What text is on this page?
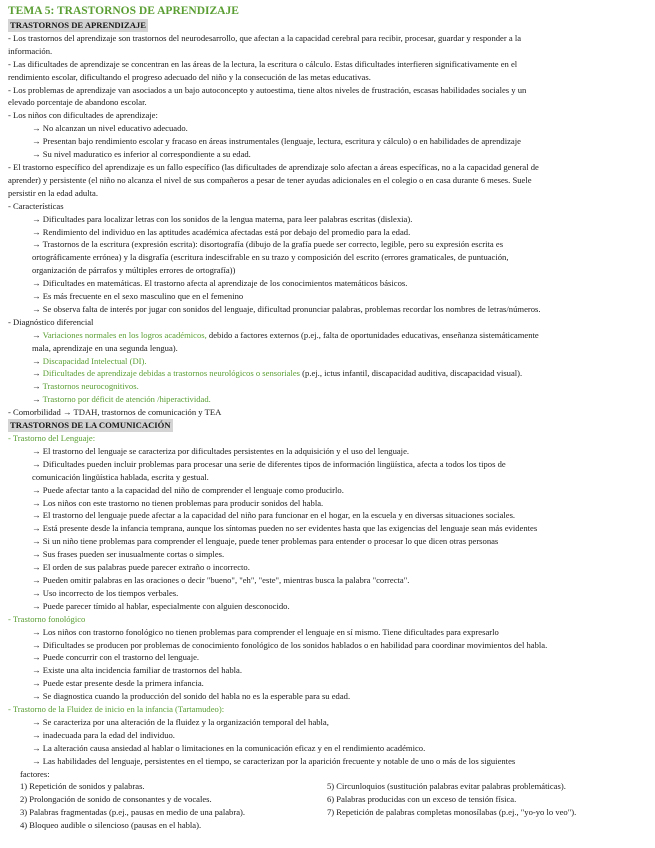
TEMA 5: TRASTORNOS DE APRENDIZAJE
TRASTORNOS DE APRENDIZAJE
- Los trastornos del aprendizaje son trastornos del neurodesarrollo, que afectan a la capacidad cerebral para recibir, procesar, guardar y responder a la
información.
- Las dificultades de aprendizaje se concentran en las áreas de la lectura, la escritura o cálculo. Estas dificultades interfieren significativamente en el
rendimiento escolar, dificultando el progreso adecuado del niño y la consecución de las metas educativas.
- Los problemas de aprendizaje van asociados a un bajo autoconcepto y autoestima, tiene altos niveles de frustración, escasas habilidades sociales y un
elevado porcentaje de abandono escolar.
- Los niños con dificultades de aprendizaje:
→ No alcanzan un nivel educativo adecuado.
→ Presentan bajo rendimiento escolar y fracaso en áreas instrumentales (lenguaje, lectura, escritura y cálculo) o en habilidades de aprendizaje
→ Su nivel maduratico es inferior al correspondiente a su edad.
- El trastorno específico del aprendizaje es un fallo específico (las dificultades de aprendizaje solo afectan a áreas específicas, no a la capacidad general de
aprender) y persistente (el niño no alcanza el nivel de sus compañeros a pesar de tener ayudas adicionales en el colegio o en casa durante 6 meses. Suele
persistir en la edad adulta.
- Características
→ Dificultades para localizar letras con los sonidos de la lengua materna, para leer palabras escritas (dislexia).
→ Rendimiento del individuo en las aptitudes académica afectadas está por debajo del promedio para la edad.
→ Trastornos de la escritura (expresión escrita): disortografía (dibujo de la grafía puede ser correcto, legible, pero su expresión escrita es
ortográficamente errónea) y la disgrafía (escritura indescifrable en su trazo y composición del escrito (errores gramaticales, de puntuación,
organización de párrafos y múltiples errores de ortografía))
→ Dificultades en matemáticas. El trastorno afecta al aprendizaje de los conocimientos matemáticos básicos.
→ Es más frecuente en el sexo masculino que en el femenino
→ Se observa falta de interés por jugar con sonidos del lenguaje, dificultad pronunciar palabras, problemas recordar los nombres de letras/números.
- Diagnóstico diferencial
→ Variaciones normales en los logros académicos, debido a factores externos (p.ej., falta de oportunidades educativas, enseñanza sistemáticamente
mala, aprendizaje en una segunda lengua).
→ Discapacidad Intelectual (DI).
→ Dificultades de aprendizaje debidas a trastornos neurológicos o sensoriales (p.ej., ictus infantil, discapacidad auditiva, discapacidad visual).
→ Trastornos neurocognitivos.
→ Trastorno por déficit de atención /hiperactividad.
- Comorbilidad → TDAH, trastornos de comunicación y TEA
TRASTORNOS DE LA COMUNICACIÓN
- Trastorno del Lenguaje:
→ El trastorno del lenguaje se caracteriza por dificultades persistentes en la adquisición y el uso del lenguaje.
→ Dificultades pueden incluir problemas para procesar una serie de diferentes tipos de información lingüística, afecta a todos los tipos de
comunicación lingüística hablada, escrita y gestual.
→ Puede afectar tanto a la capacidad del niño de comprender el lenguaje como producirlo.
→ Los niños con este trastorno no tienen problemas para producir sonidos del habla.
→ El trastorno del lenguaje puede afectar a la capacidad del niño para funcionar en el hogar, en la escuela y en diversas situaciones sociales.
→ Está presente desde la infancia temprana, aunque los síntomas pueden no ser evidentes hasta que las exigencias del lenguaje sean más evidentes
→ Si un niño tiene problemas para comprender el lenguaje, puede tener problemas para entender o procesar lo que dicen otras personas
→ Sus frases pueden ser inusualmente cortas o simples.
→ El orden de sus palabras puede parecer extraño o incorrecto.
→ Pueden omitir palabras en las oraciones o decir "bueno", "eh", "este", mientras busca la palabra "correcta".
→ Uso incorrecto de los tiempos verbales.
→ Puede parecer tímido al hablar, especialmente con alguien desconocido.
- Trastorno fonológico
→ Los niños con trastorno fonológico no tienen problemas para comprender el lenguaje en sí mismo. Tiene dificultades para expresarlo
→ Dificultades se producen por problemas de conocimiento fonológico de los sonidos hablados o en habilidad para coordinar movimientos del habla.
→ Puede concurrir con el trastorno del lenguaje.
→ Existe una alta incidencia familiar de trastornos del habla.
→ Puede estar presente desde la primera infancia.
→ Se diagnostica cuando la producción del sonido del habla no es la esperable para su edad.
- Trastorno de la Fluidez de inicio en la infancia (Tartamudeo):
→ Se caracteriza por una alteración de la fluidez y la organización temporal del habla,
→ inadecuada para la edad del individuo.
→ La alteración causa ansiedad al hablar o limitaciones en la comunicación eficaz y en el rendimiento académico.
→ Las habilidades del lenguaje, persistentes en el tiempo, se caracterizan por la aparición frecuente y notable de uno o más de los siguientes
factores:
1) Repetición de sonidos y palabras.	5) Circunloquios (sustitución palabras evitar palabras problemáticas).
2) Prolongación de sonido de consonantes y de vocales.	6) Palabras producidas con un exceso de tensión física.
3) Palabras fragmentadas (p.ej., pausas en medio de una palabra).	7) Repetición de palabras completas monosílabas (p.ej., "yo-yo lo veo").
4) Bloqueo audible o silencioso (pausas en el habla).
